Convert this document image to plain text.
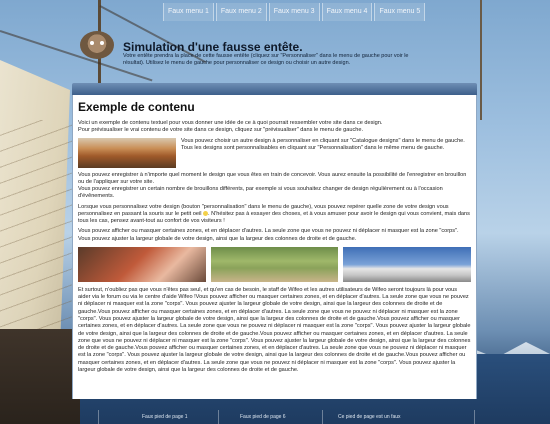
Faux menu 1	Faux menu 2	Faux menu 3	Faux menu 4	Faux menu 5
Simulation d'une fausse entête.
Votre entête prendra la place de cette fausse entête (cliquez sur "Personnaliser" dans le menu de gauche pour voir le résultat). Utilisez le menu de gauche pour personnaliser ce design ou choisir un autre design.
Exemple de contenu

Voici un exemple de contenu textuel pour vous donner une idée de ce à quoi pourrait ressembler votre site dans ce design.
Pour prévisualiser le vrai contenu de votre site dans ce design, cliquez sur "prévisualiser" dans le menu de gauche.

Vous pouvez choisir un autre design à personnaliser en cliquant sur "Catalogue designs" dans le menu de gauche.
Tous les designs sont personnalisables en cliquant sur "Personnalisation" dans le même menu de gauche.

Vous pouvez enregistrer à n'importe quel moment le design que vous êtes en train de concevoir. Vous aurez ensuite la possibilité de l'enregistrer en brouillon ou de l'appliquer sur votre site.
Vous pouvez enregistrer un certain nombre de brouillons différents, par exemple si vous souhaitez changer de design régulièrement ou à l'occasion d'évênements.

Lorsque vous personnalisez votre design (bouton "personnalisation" dans le menu de gauche), vous pouvez repérer quelle zone de votre design vous personnalisez en passant la souris sur le petit oeil . N'hésitez pas à essayer des choses, et à vous amuser pour avoir le design qui vous convient, mais dans tous les cas, pensez avant-tout au confort de vos visiteurs !

Vous pouvez afficher ou masquer certaines zones, et en déplacer d'autres. La seule zone que vous ne pouvez ni déplacer ni masquer est la zone "corps". Vous pouvez ajuster la largeur globale de votre design, ainsi que la largeur des colonnes de droite et de gauche.

Et surtout, n'oubliez pas que vous n'êtes pas seul, et qu'en cas de besoin, le staff de Wifeo et les autres utilisateurs de Wifeo seront toujours là pour vous aider via le forum ou via le centre d'aide Wifeo !Vous pouvez afficher ou masquer certaines zones, et en déplacer d'autres. La seule zone que vous ne pouvez ni déplacer ni masquer est la zone "corps". Vous pouvez ajuster la largeur globale de votre design, ainsi que la largeur des colonnes de droite et de gauche.Vous pouvez afficher ou masquer certaines zones, et en déplacer d'autres. La seule zone que vous ne pouvez ni déplacer ni masquer est la zone "corps". Vous pouvez ajuster la largeur globale de votre design, ainsi que la largeur des colonnes de droite et de gauche.Vous pouvez afficher ou masquer certaines zones, et en déplacer d'autres. La seule zone que vous ne pouvez ni déplacer ni masquer est la zone "corps". Vous pouvez ajuster la largeur globale de votre design, ainsi que la largeur des colonnes de droite et de gauche.Vous pouvez afficher ou masquer certaines zones, et en déplacer d'autres. La seule zone que vous ne pouvez ni déplacer ni masquer est la zone "corps". Vous pouvez ajuster la largeur globale de votre design, ainsi que la largeur des colonnes de droite et de gauche.Vous pouvez afficher ou masquer certaines zones, et en déplacer d'autres. La seule zone que vous ne pouvez ni déplacer ni masquer est la zone "corps". Vous pouvez ajuster la largeur globale de votre design, ainsi que la largeur des colonnes de droite et de gauche.Vous pouvez afficher ou masquer certaines zones, et en déplacer d'autres. La seule zone que vous ne pouvez ni déplacer ni masquer est la zone "corps". Vous pouvez ajuster la largeur globale de votre design, ainsi que la largeur des colonnes de droite et de gauche.

Faux pied de page 1	Faux pied de page 6	Ce pied de page est un faux
